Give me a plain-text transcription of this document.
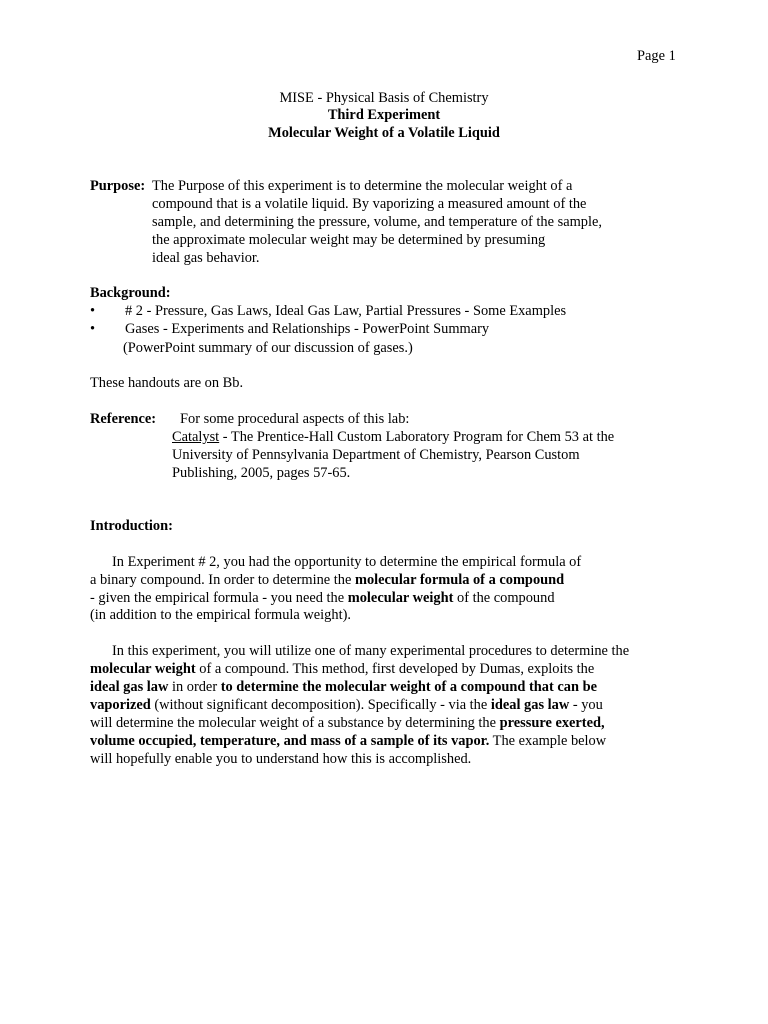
Page 1
MISE - Physical Basis of Chemistry
Third Experiment
Molecular Weight of a Volatile Liquid
Purpose: The Purpose of this experiment is to determine the molecular weight of a
compound that is a volatile liquid. By vaporizing a measured amount of the
sample, and determining the pressure, volume, and temperature of the sample,
the approximate molecular weight may be determined by presuming
ideal gas behavior.
Background:
• # 2 - Pressure, Gas Laws, Ideal Gas Law, Partial Pressures - Some Examples
• Gases - Experiments and Relationships - PowerPoint Summary
(PowerPoint summary of our discussion of gases.)
These handouts are on Bb.
Reference: For some procedural aspects of this lab:
Catalyst - The Prentice-Hall Custom Laboratory Program for Chem 53 at the
University of Pennsylvania Department of Chemistry, Pearson Custom
Publishing, 2005, pages 57-65.
Introduction:
In Experiment # 2, you had the opportunity to determine the empirical formula of
a binary compound. In order to determine the molecular formula of a compound
- given the empirical formula - you need the molecular weight of the compound
(in addition to the empirical formula weight).
In this experiment, you will utilize one of many experimental procedures to determine the
molecular weight of a compound. This method, first developed by Dumas, exploits the
ideal gas law in order to determine the molecular weight of a compound that can be
vaporized (without significant decomposition). Specifically - via the ideal gas law - you
will determine the molecular weight of a substance by determining the pressure exerted,
volume occupied, temperature, and mass of a sample of its vapor. The example below
will hopefully enable you to understand how this is accomplished.
